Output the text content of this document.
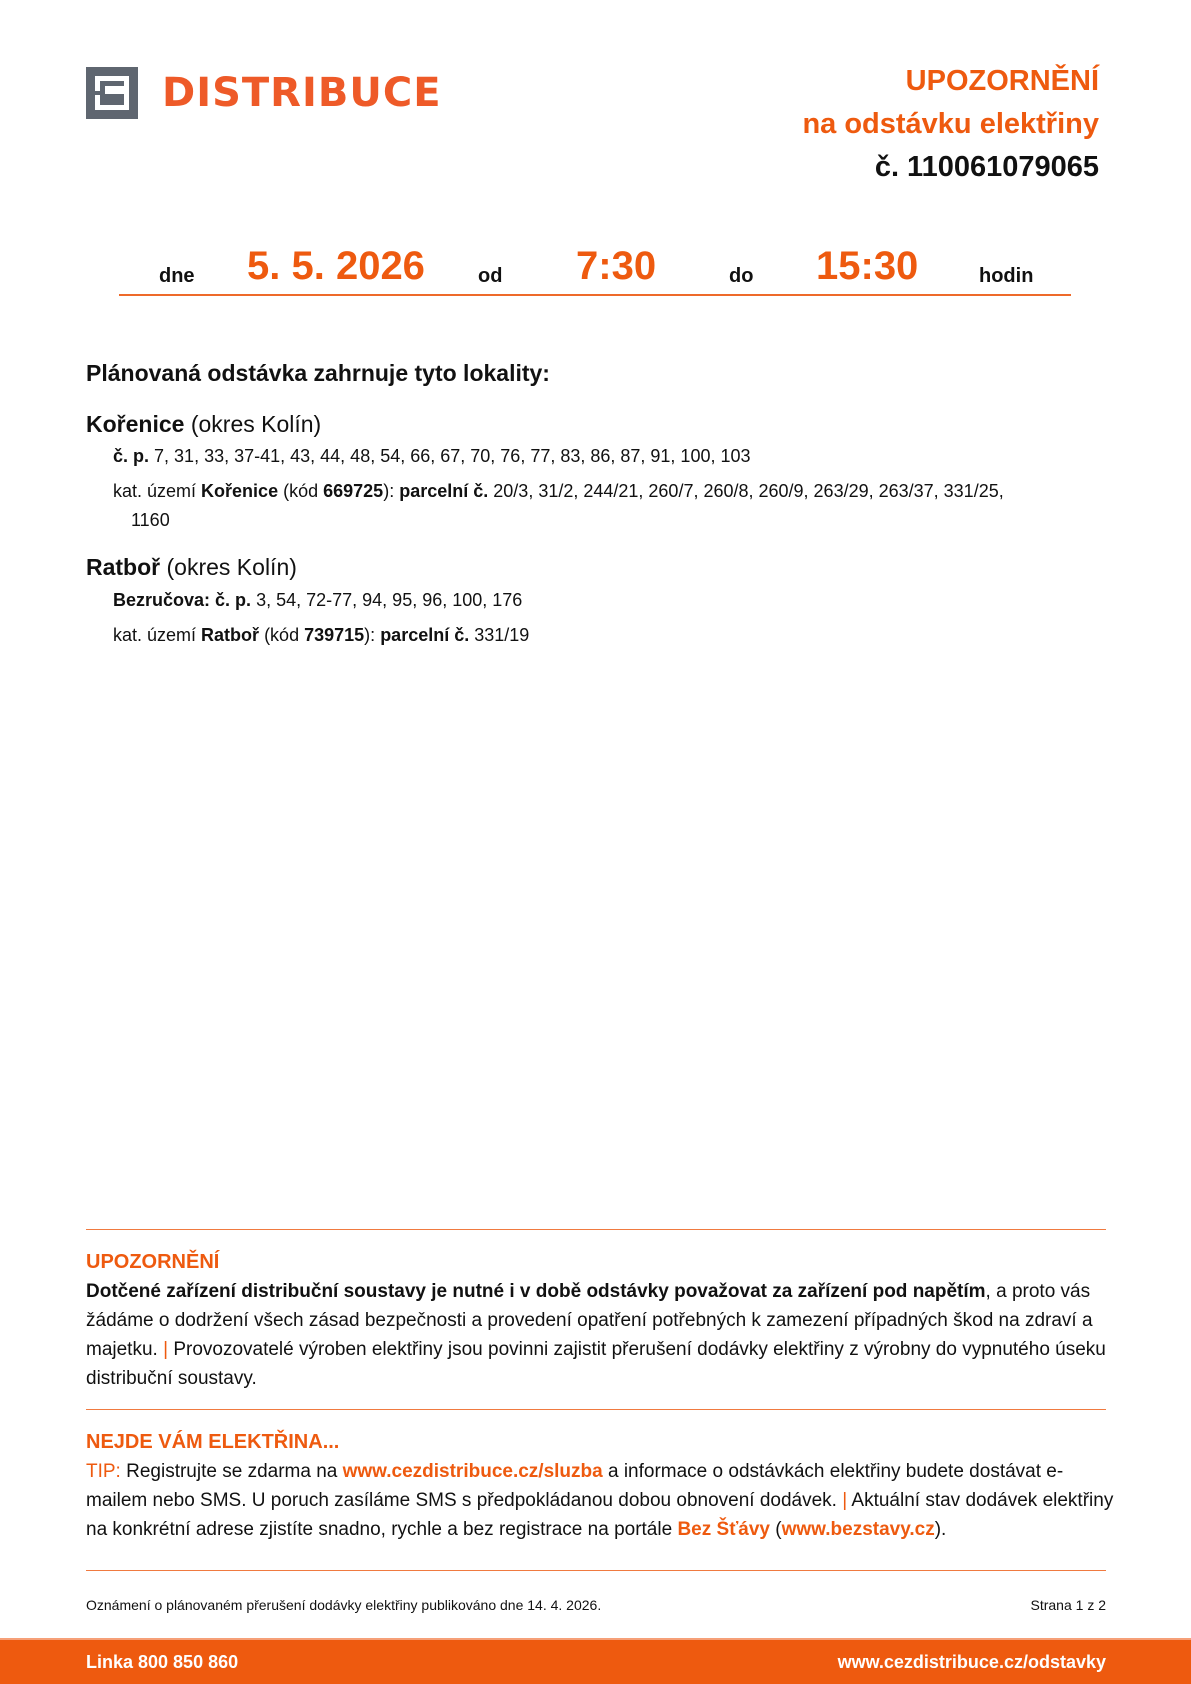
DISTRIBUCE	UPOZORNĚNÍ
na odstávku elektřiny
č. 110061079065
dne 5. 5. 2026	od 7:30	do 15:30	hodin
Plánovaná odstávka zahrnuje tyto lokality:
Kořenice (okres Kolín)
č. p. 7, 31, 33, 37-41, 43, 44, 48, 54, 66, 67, 70, 76, 77, 83, 86, 87, 91, 100, 103
kat. území Kořenice (kód 669725): parcelní č. 20/3, 31/2, 244/21, 260/7, 260/8, 260/9, 263/29, 263/37, 331/25,
1160
Ratboř (okres Kolín)
Bezručova: č. p. 3, 54, 72-77, 94, 95, 96, 100, 176
kat. území Ratboř (kód 739715): parcelní č. 331/19
UPOZORNĚNÍ
Dotčené zařízení distribuční soustavy je nutné i v době odstávky považovat za zařízení pod napětím, a proto vás žádáme o dodržení všech zásad bezpečnosti a provedení opatření potřebných k zamezení případných škod na zdraví a majetku. | Provozovatelé výroben elektřiny jsou povinni zajistit přerušení dodávky elektřiny z výrobny do vypnutého úseku distribuční soustavy.
NEJDE VÁM ELEKTŘINA...
TIP: Registrujte se zdarma na www.cezdistribuce.cz/sluzba a informace o odstávkách elektřiny budete dostávat e-mailem nebo SMS. U poruch zasíláme SMS s předpokládanou dobou obnovení dodávek. | Aktuální stav dodávek elektřiny na konkrétní adrese zjistíte snadno, rychle a bez registrace na portále Bez Šťávy (www.bezstavy.cz).
Oznámení o plánovaném přerušení dodávky elektřiny publikováno dne 14. 4. 2026.	Strana 1 z 2
Linka 800 850 860	www.cezdistribuce.cz/odstavky
